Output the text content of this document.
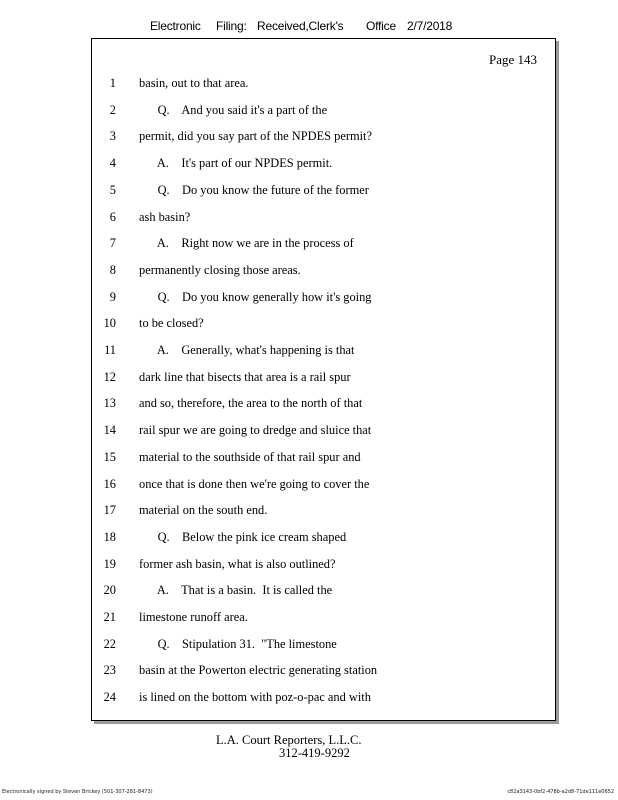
Electronic Filing: Received,Clerk's Office 2/7/2018
Page 143
1 basin, out to that area.
2 Q.    And you said it's a part of the
3 permit, did you say part of the NPDES permit?
4 A.    It's part of our NPDES permit.
5 Q.    Do you know the future of the former
6 ash basin?
7 A.    Right now we are in the process of
8 permanently closing those areas.
9 Q.    Do you know generally how it's going
10 to be closed?
11 A.    Generally, what's happening is that
12 dark line that bisects that area is a rail spur
13 and so, therefore, the area to the north of that
14 rail spur we are going to dredge and sluice that
15 material to the southside of that rail spur and
16 once that is done then we're going to cover the
17 material on the south end.
18 Q.    Below the pink ice cream shaped
19 former ash basin, what is also outlined?
20 A.    That is a basin.  It is called the
21 limestone runoff area.
22 Q.    Stipulation 31.  "The limestone
23 basin at the Powerton electric generating station
24 is lined on the bottom with poz-o-pac and with
L.A. Court Reporters, L.L.C.
312-419-9292
Electronically signed by Steven Brickey (501-307-281-8473)	c82a3143-0bf2-478b-a2d8-71de111e0652
